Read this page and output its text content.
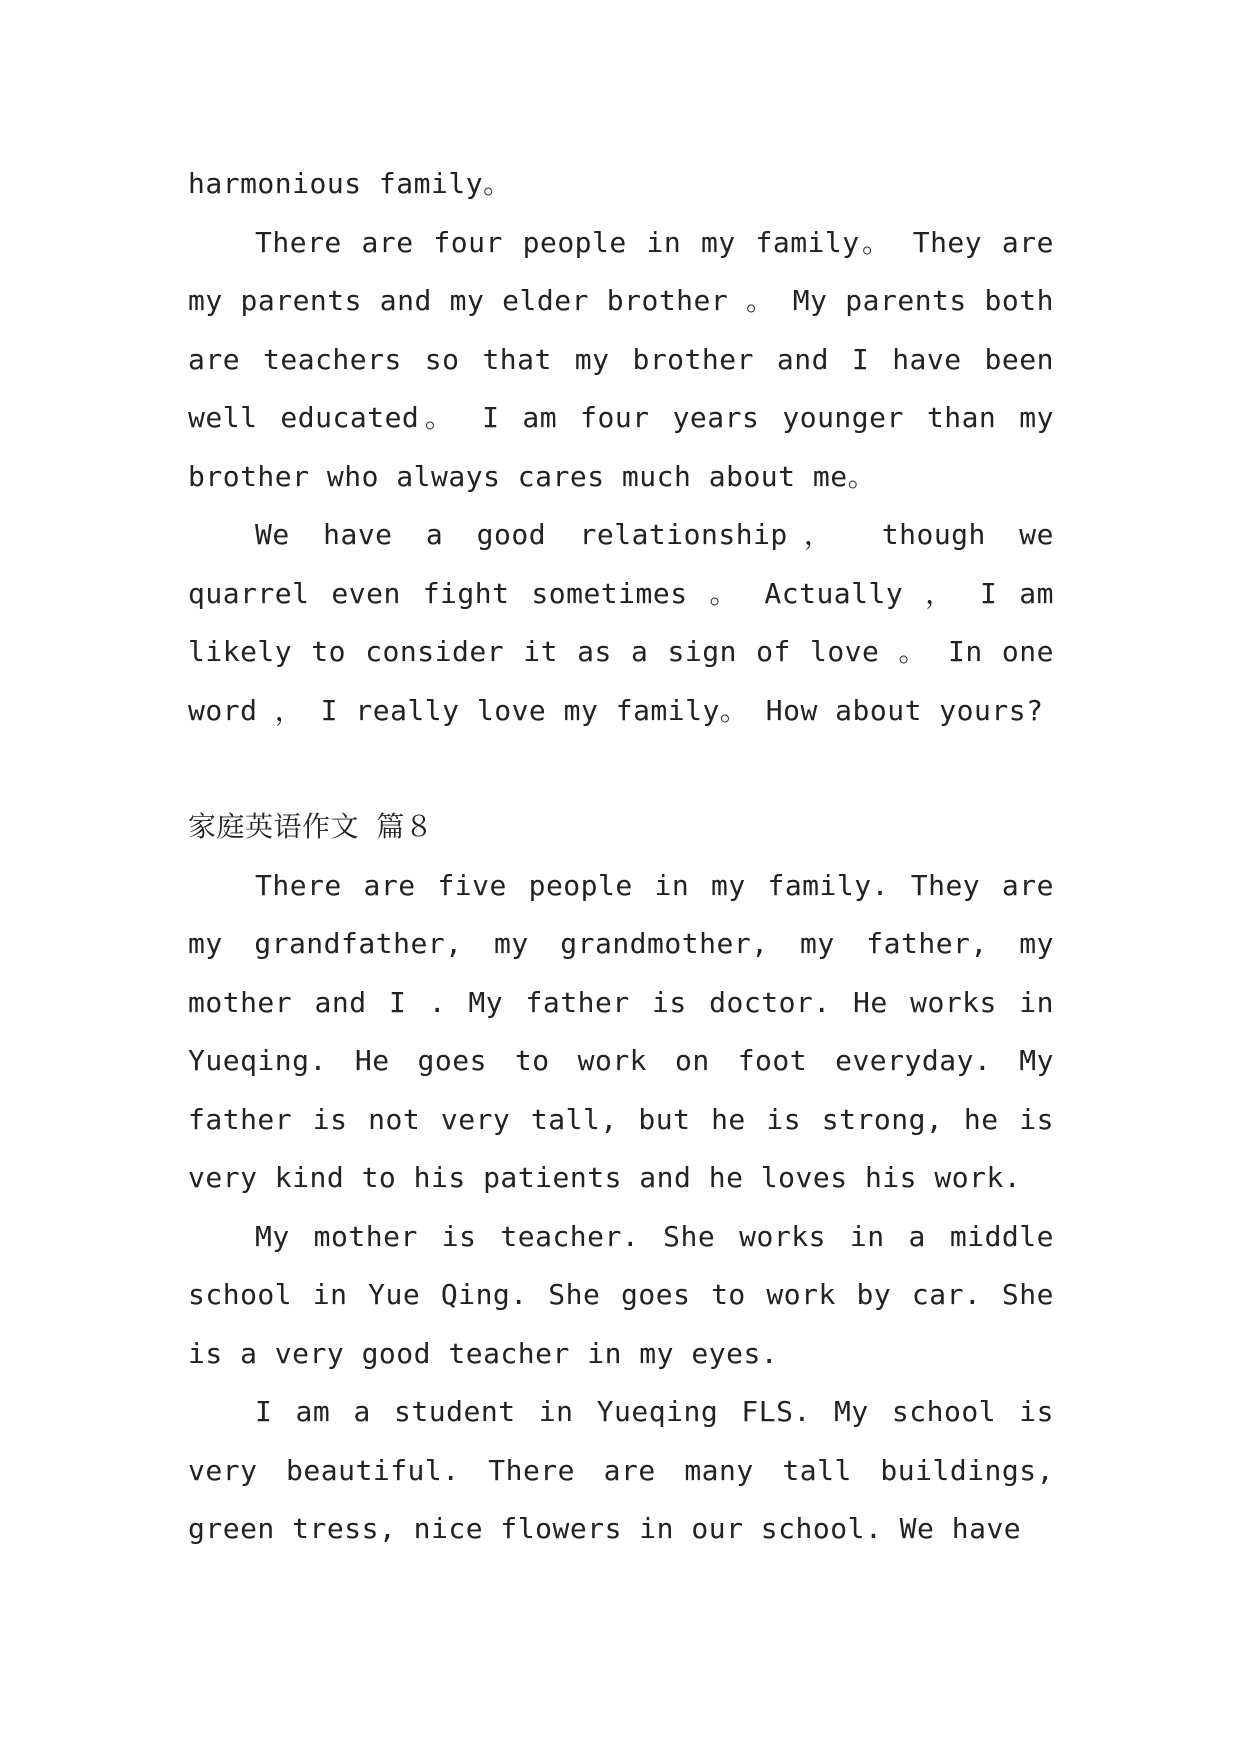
harmonious family。

There are four people in my family。 They are my parents and my elder brother 。 My parents both are teachers so that my brother and I have been well educated。 I am four years younger than my brother who always cares much about me。

We have a good relationship， though we quarrel even fight sometimes 。 Actually ， I am likely to consider it as a sign of love 。 In one word ， I really love my family。 How about yours?

家庭英语作文 篇８

There are five people in my family. They are my grandfather, my grandmother, my father, my mother and I . My father is doctor. He works in Yueqing. He goes to work on foot everyday. My father is not very tall, but he is strong, he is very kind to his patients and he loves his work.

My mother is teacher. She works in a middle school in Yue Qing. She goes to work by car. She is a very good teacher in my eyes.

I am a student in Yueqing FLS. My school is very beautiful. There are many tall buildings, green tress, nice flowers in our school. We have
